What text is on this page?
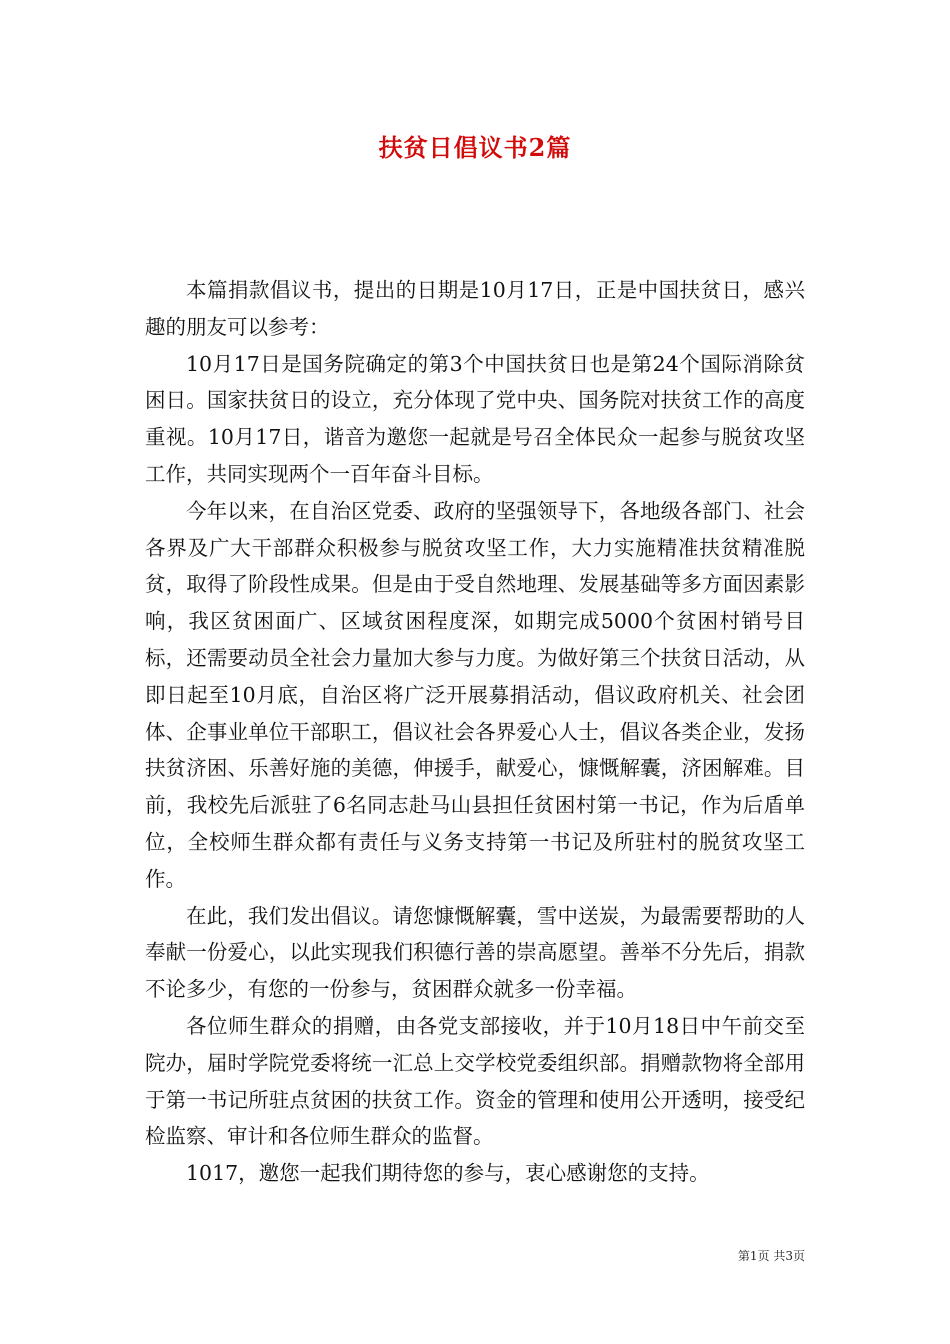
扶贫日倡议书2篇

本篇捐款倡议书，提出的日期是10月17日，正是中国扶贫日，感兴趣的朋友可以参考：

10月17日是国务院确定的第3个中国扶贫日也是第24个国际消除贫困日。国家扶贫日的设立，充分体现了党中央、国务院对扶贫工作的高度重视。10月17日，谐音为邀您一起就是号召全体民众一起参与脱贫攻坚工作，共同实现两个一百年奋斗目标。

今年以来，在自治区党委、政府的坚强领导下，各地级各部门、社会各界及广大干部群众积极参与脱贫攻坚工作，大力实施精准扶贫精准脱贫，取得了阶段性成果。但是由于受自然地理、发展基础等多方面因素影响，我区贫困面广、区域贫困程度深，如期完成5000个贫困村销号目标，还需要动员全社会力量加大参与力度。为做好第三个扶贫日活动，从即日起至10月底，自治区将广泛开展募捐活动，倡议政府机关、社会团体、企事业单位干部职工，倡议社会各界爱心人士，倡议各类企业，发扬扶贫济困、乐善好施的美德，伸援手，献爱心，慷慨解囊，济困解难。目前，我校先后派驻了6名同志赴马山县担任贫困村第一书记，作为后盾单位，全校师生群众都有责任与义务支持第一书记及所驻村的脱贫攻坚工作。

在此，我们发出倡议。请您慷慨解囊，雪中送炭，为最需要帮助的人奉献一份爱心，以此实现我们积德行善的崇高愿望。善举不分先后，捐款不论多少，有您的一份参与，贫困群众就多一份幸福。

各位师生群众的捐赠，由各党支部接收，并于10月18日中午前交至院办，届时学院党委将统一汇总上交学校党委组织部。捐赠款物将全部用于第一书记所驻点贫困的扶贫工作。资金的管理和使用公开透明，接受纪检监察、审计和各位师生群众的监督。

1017，邀您一起我们期待您的参与，衷心感谢您的支持。

第1页 共3页
